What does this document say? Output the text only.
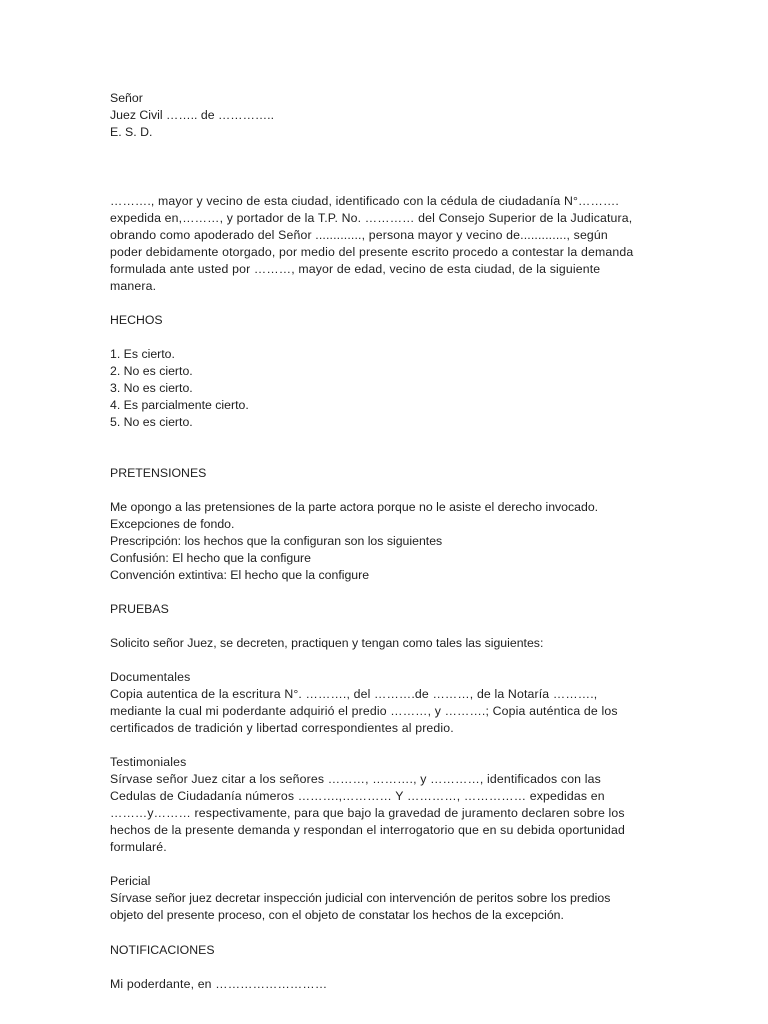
Señor
Juez Civil …….. de …………..
E. S. D.
………., mayor y vecino de esta ciudad, identificado con la cédula de ciudadanía N°……….
expedida en,………, y portador de la T.P. No. ………… del Consejo Superior de la Judicatura,
obrando como apoderado del Señor ............., persona mayor y vecino de............., según
poder debidamente otorgado, por medio del presente escrito procedo a contestar la demanda
formulada ante usted por ………, mayor de edad, vecino de esta ciudad, de la siguiente
manera.
HECHOS
1. Es cierto.
2. No es cierto.
3. No es cierto.
4. Es parcialmente cierto.
5. No es cierto.
PRETENSIONES
Me opongo a las pretensiones de la parte actora porque no le asiste el derecho invocado.
Excepciones de fondo.
Prescripción: los hechos que la configuran son los siguientes
Confusión: El hecho que la configure
Convención extintiva: El hecho que la configure
PRUEBAS
Solicito señor Juez, se decreten, practiquen y tengan como tales las siguientes:
Documentales
Copia autentica de la escritura N°. ………., del ……….de ………, de la Notaría ……….,
mediante la cual mi poderdante adquirió el predio ………, y ……….; Copia auténtica de los
certificados de tradición y libertad correspondientes al predio.
Testimoniales
Sírvase señor Juez citar a los señores ………, ………., y …………, identificados con las
Cedulas de Ciudadanía números ……….,………… Y …………, …………… expedidas en
………y……… respectivamente, para que bajo la gravedad de juramento declaren sobre los
hechos de la presente demanda y respondan el interrogatorio que en su debida oportunidad
formularé.
Pericial
Sírvase señor juez decretar inspección judicial con intervención de peritos sobre los predios
objeto del presente proceso, con el objeto de constatar los hechos de la excepción.
NOTIFICACIONES
Mi poderdante, en ………………………
